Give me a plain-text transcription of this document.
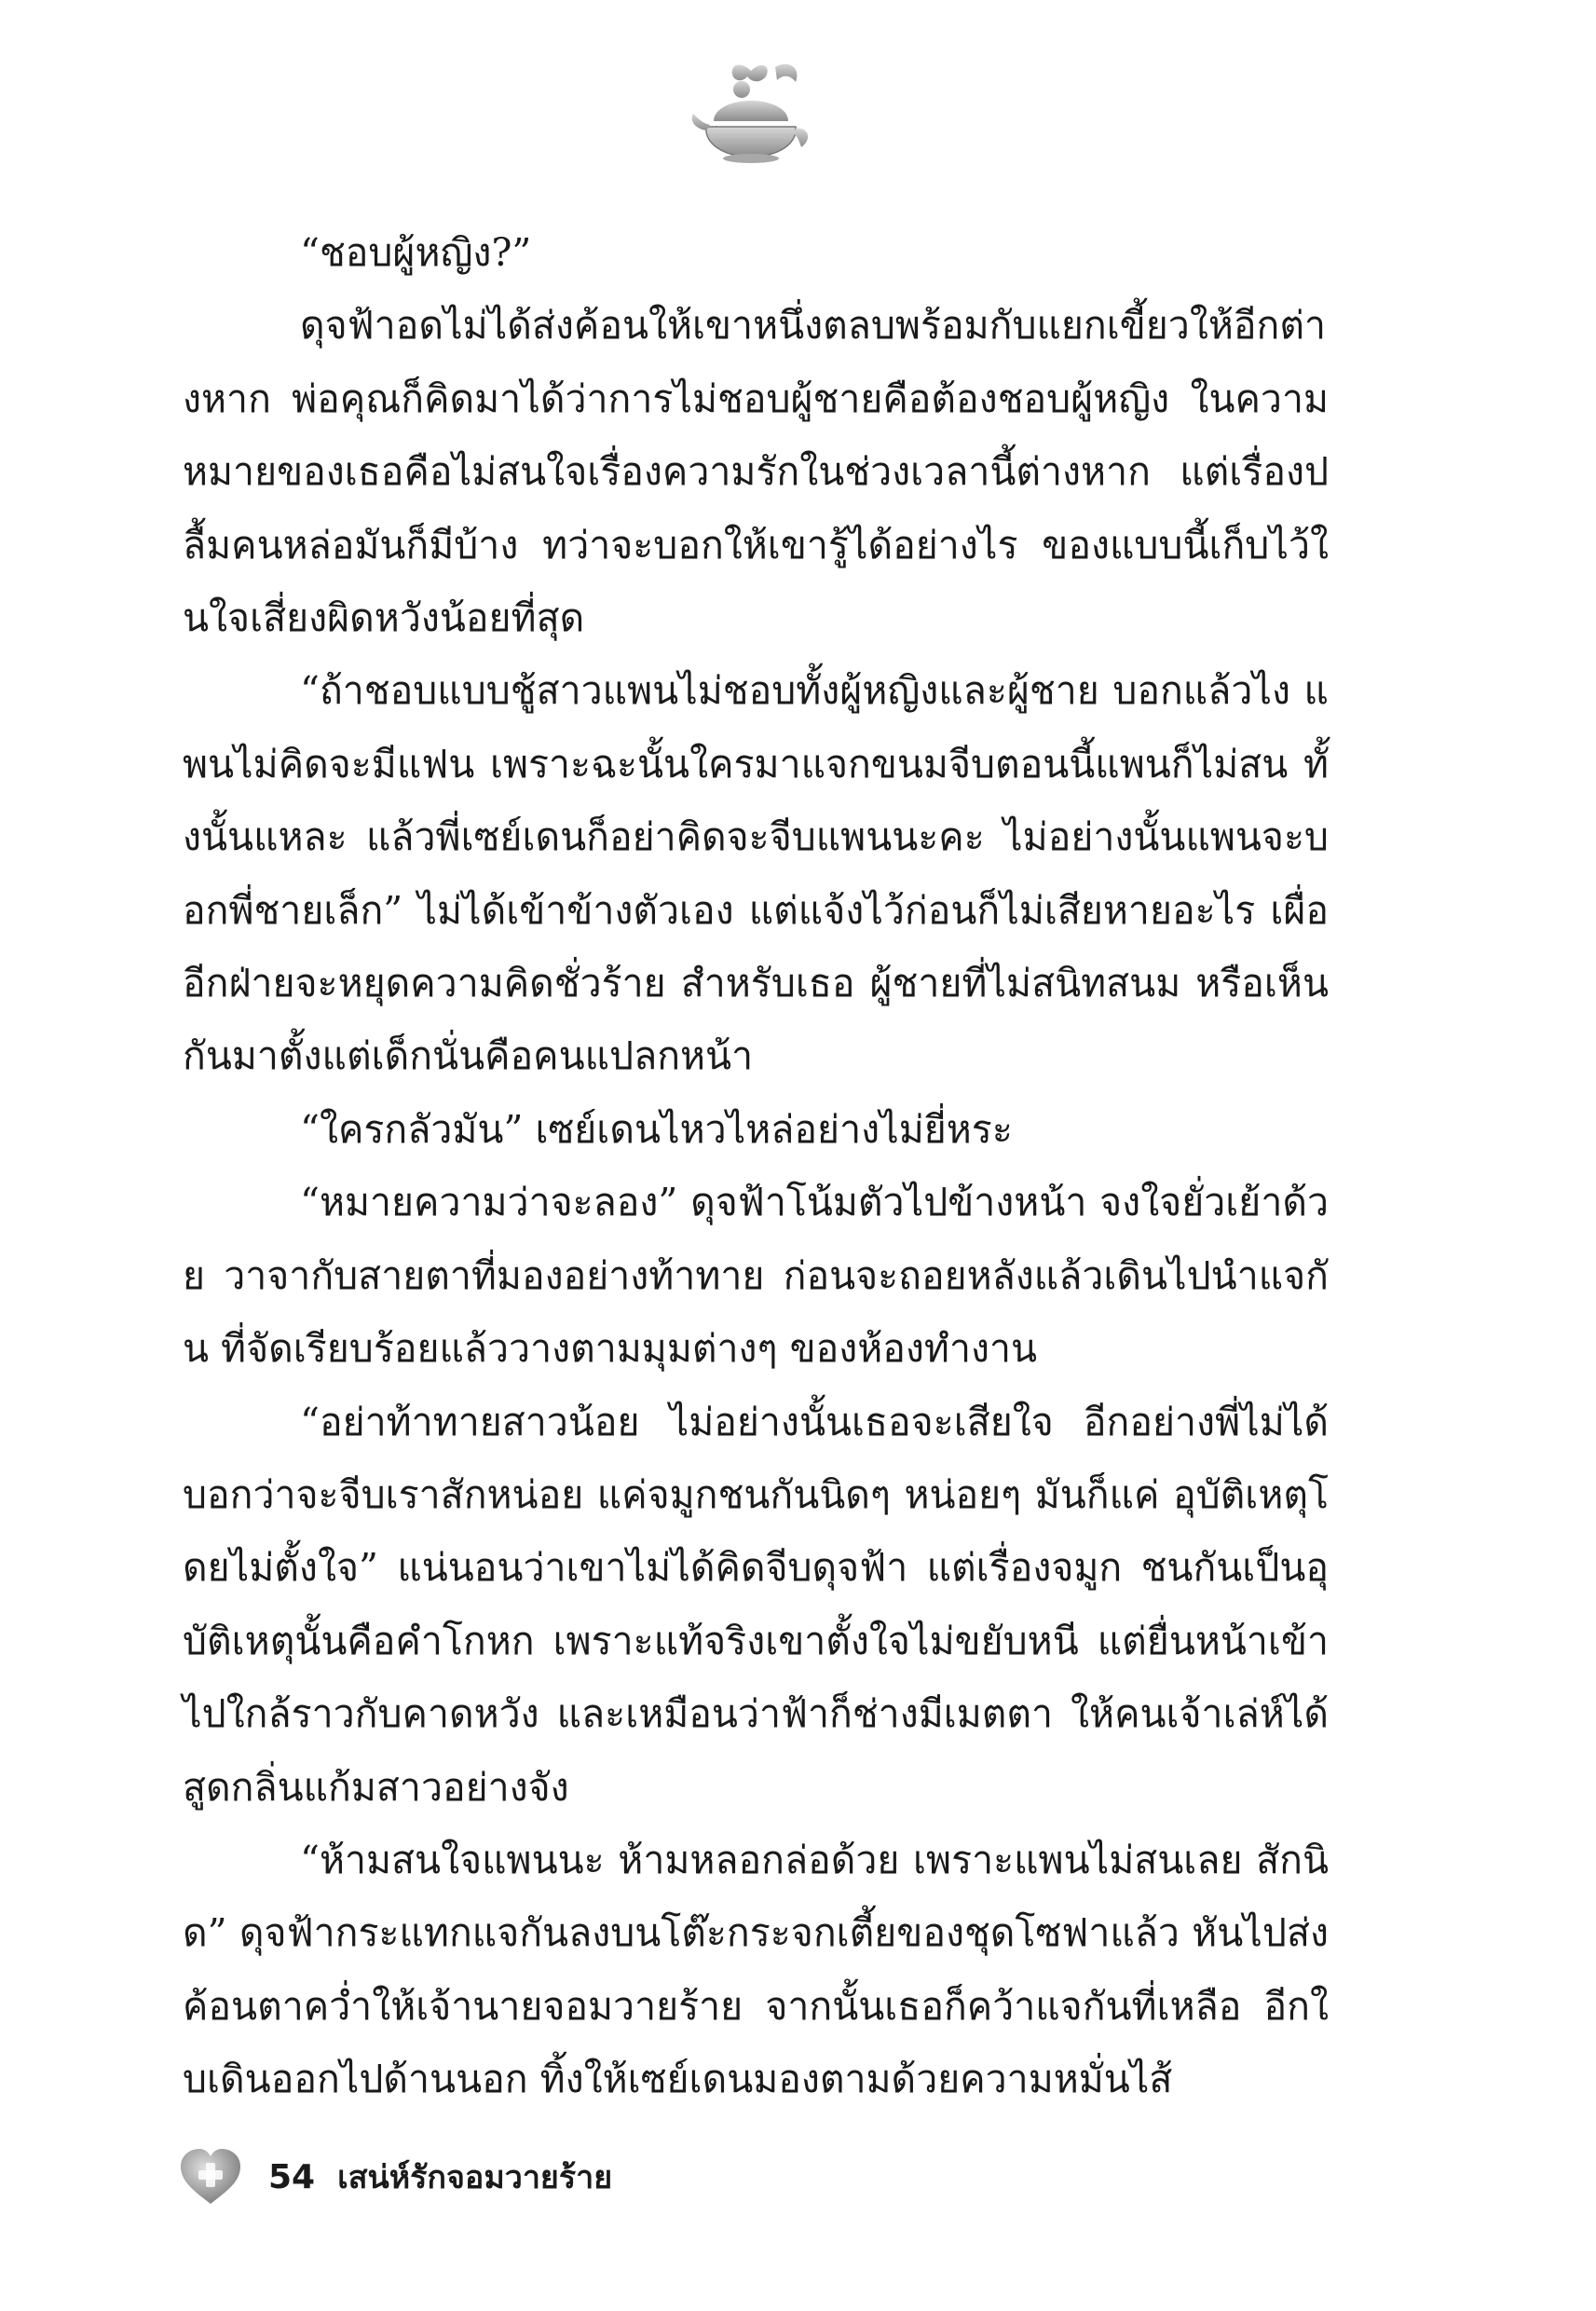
“ชอบผู้หญิง?”

ดุจฟ้าอดไม่ได้ส่งค้อนให้เขาหนึ่งตลบพร้อมกับแยกเขี้ยวให้อีกต่างหาก พ่อคุณก็คิดมาได้ว่าการไม่ชอบผู้ชายคือต้องชอบผู้หญิง ในความหมายของเธอคือไม่สนใจเรื่องความรักในช่วงเวลานี้ต่างหาก แต่เรื่องปลื้มคนหล่อมันก็มีบ้าง ทว่าจะบอกให้เขารู้ได้อย่างไร ของแบบนี้เก็บไว้ในใจเสี่ยงผิดหวังน้อยที่สุด

“ถ้าชอบแบบชู้สาวแพนไม่ชอบทั้งผู้หญิงและผู้ชาย บอกแล้วไง แพนไม่คิดจะมีแฟน เพราะฉะนั้นใครมาแจกขนมจีบตอนนี้แพนก็ไม่สน ทั้งนั้นแหละ แล้วพี่เซย์เดนก็อย่าคิดจะจีบแพนนะคะ ไม่อย่างนั้นแพนจะบอกพี่ชายเล็ก” ไม่ได้เข้าข้างตัวเอง แต่แจ้งไว้ก่อนก็ไม่เสียหายอะไร เผื่ออีกฝ่ายจะหยุดความคิดชั่วร้าย สำหรับเธอ ผู้ชายที่ไม่สนิทสนม หรือเห็นกันมาตั้งแต่เด็กนั่นคือคนแปลกหน้า

“ใครกลัวมัน” เซย์เดนไหวไหล่อย่างไม่ยี่หระ

“หมายความว่าจะลอง” ดุจฟ้าโน้มตัวไปข้างหน้า จงใจยั่วเย้าด้วย วาจากับสายตาที่มองอย่างท้าทาย ก่อนจะถอยหลังแล้วเดินไปนำแจกัน ที่จัดเรียบร้อยแล้ววางตามมุมต่างๆ ของห้องทำงาน

“อย่าท้าทายสาวน้อย ไม่อย่างนั้นเธอจะเสียใจ อีกอย่างพี่ไม่ได้ บอกว่าจะจีบเราสักหน่อย แค่จมูกชนกันนิดๆ หน่อยๆ มันก็แค่ อุบัติเหตุโดยไม่ตั้งใจ” แน่นอนว่าเขาไม่ได้คิดจีบดุจฟ้า แต่เรื่องจมูก ชนกันเป็นอุบัติเหตุนั้นคือคำโกหก เพราะแท้จริงเขาตั้งใจไม่ขยับหนี แต่ยื่นหน้าเข้าไปใกล้ราวกับคาดหวัง และเหมือนว่าฟ้าก็ช่างมีเมตตา ให้คนเจ้าเล่ห์ได้สูดกลิ่นแก้มสาวอย่างจัง

“ห้ามสนใจแพนนะ ห้ามหลอกล่อด้วย เพราะแพนไม่สนเลย สักนิด” ดุจฟ้ากระแทกแจกันลงบนโต๊ะกระจกเตี้ยของชุดโซฟาแล้ว หันไปส่งค้อนตาคว่ำให้เจ้านายจอมวายร้าย จากนั้นเธอก็คว้าแจกันที่เหลือ อีกใบเดินออกไปด้านนอก ทิ้งให้เซย์เดนมองตามด้วยความหมั่นไส้

54 เสน่ห์รักจอมวายร้าย
